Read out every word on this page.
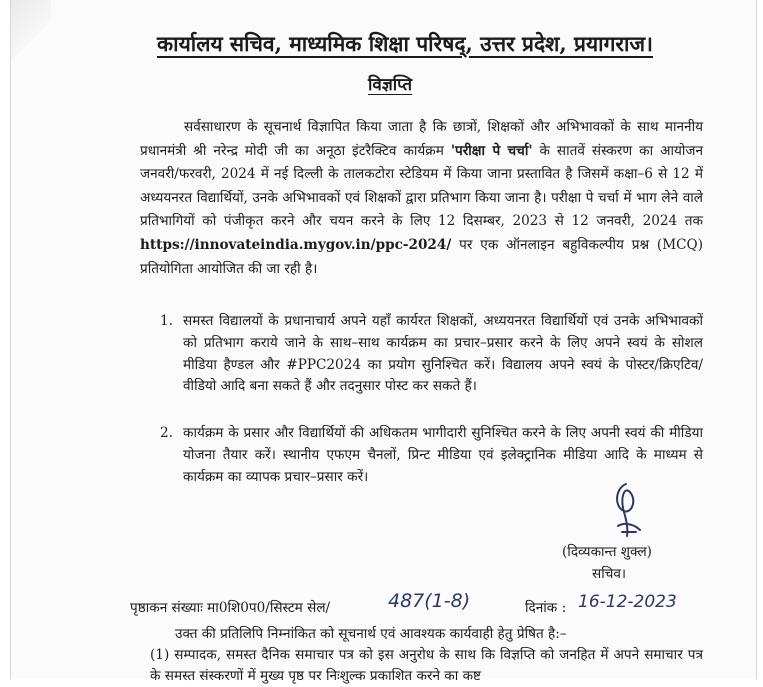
कार्यालय सचिव, माध्यमिक शिक्षा परिषद्, उत्तर प्रदेश, प्रयागराज।
विज्ञप्ति
सर्वसाधारण के सूचनार्थ विज्ञापित किया जाता है कि छात्रों, शिक्षकों और अभिभावकों के साथ माननीय प्रधानमंत्री श्री नरेन्द्र मोदी जी का अनूठा इंटरैक्टिव कार्यक्रम 'परीक्षा पे चर्चा' के सातवें संस्करण का आयोजन जनवरी/फरवरी, 2024 में नई दिल्ली के तालकटोरा स्टेडियम में किया जाना प्रस्तावित है जिसमें कक्षा–6 से 12 में अध्ययनरत विद्यार्थियों, उनके अभिभावकों एवं शिक्षकों द्वारा प्रतिभाग किया जाना है। परीक्षा पे चर्चा में भाग लेने वाले प्रतिभागियों को पंजीकृत करने और चयन करने के लिए 12 दिसम्बर, 2023 से 12 जनवरी, 2024 तक https://innovateindia.mygov.in/ppc-2024/ पर एक ऑनलाइन बहुविकल्पीय प्रश्न (MCQ) प्रतियोगिता आयोजित की जा रही है।
1. समस्त विद्यालयों के प्रधानाचार्य अपने यहाँ कार्यरत शिक्षकों, अध्ययनरत विद्यार्थियों एवं उनके अभिभावकों को प्रतिभाग कराये जाने के साथ–साथ कार्यक्रम का प्रचार–प्रसार करने के लिए अपने स्वयं के सोशल मीडिया हैण्डल और #PPC2024 का प्रयोग सुनिश्चित करें। विद्यालय अपने स्वयं के पोस्टर/क्रिएटिव/ वीडियो आदि बना सकते हैं और तदनुसार पोस्ट कर सकते हैं।
2. कार्यक्रम के प्रसार और विद्यार्थियों की अधिकतम भागीदारी सुनिश्चित करने के लिए अपनी स्वयं की मीडिया योजना तैयार करें। स्थानीय एफएम चैनलों, प्रिन्ट मीडिया एवं इलेक्ट्रानिक मीडिया आदि के माध्यम से कार्यक्रम का व्यापक प्रचार–प्रसार करें।
(दिव्यकान्त शुक्ल)
सचिव।
पृष्ठाकन संख्याः मा0शि0प0/सिस्टम सेल/	487(1-8)	दिनांक : 16-12-2023
उक्त की प्रतिलिपि निम्नांकित को सूचनार्थ एवं आवश्यक कार्यवाही हेतु प्रेषित है:–
(1) सम्पादक, समस्त दैनिक समाचार पत्र को इस अनुरोध के साथ कि विज्ञप्ति को जनहित में अपने समाचार पत्र के समस्त संस्करणों में मुख्य पृष्ठ पर निःशुल्क प्रकाशित करने का कष्ट
